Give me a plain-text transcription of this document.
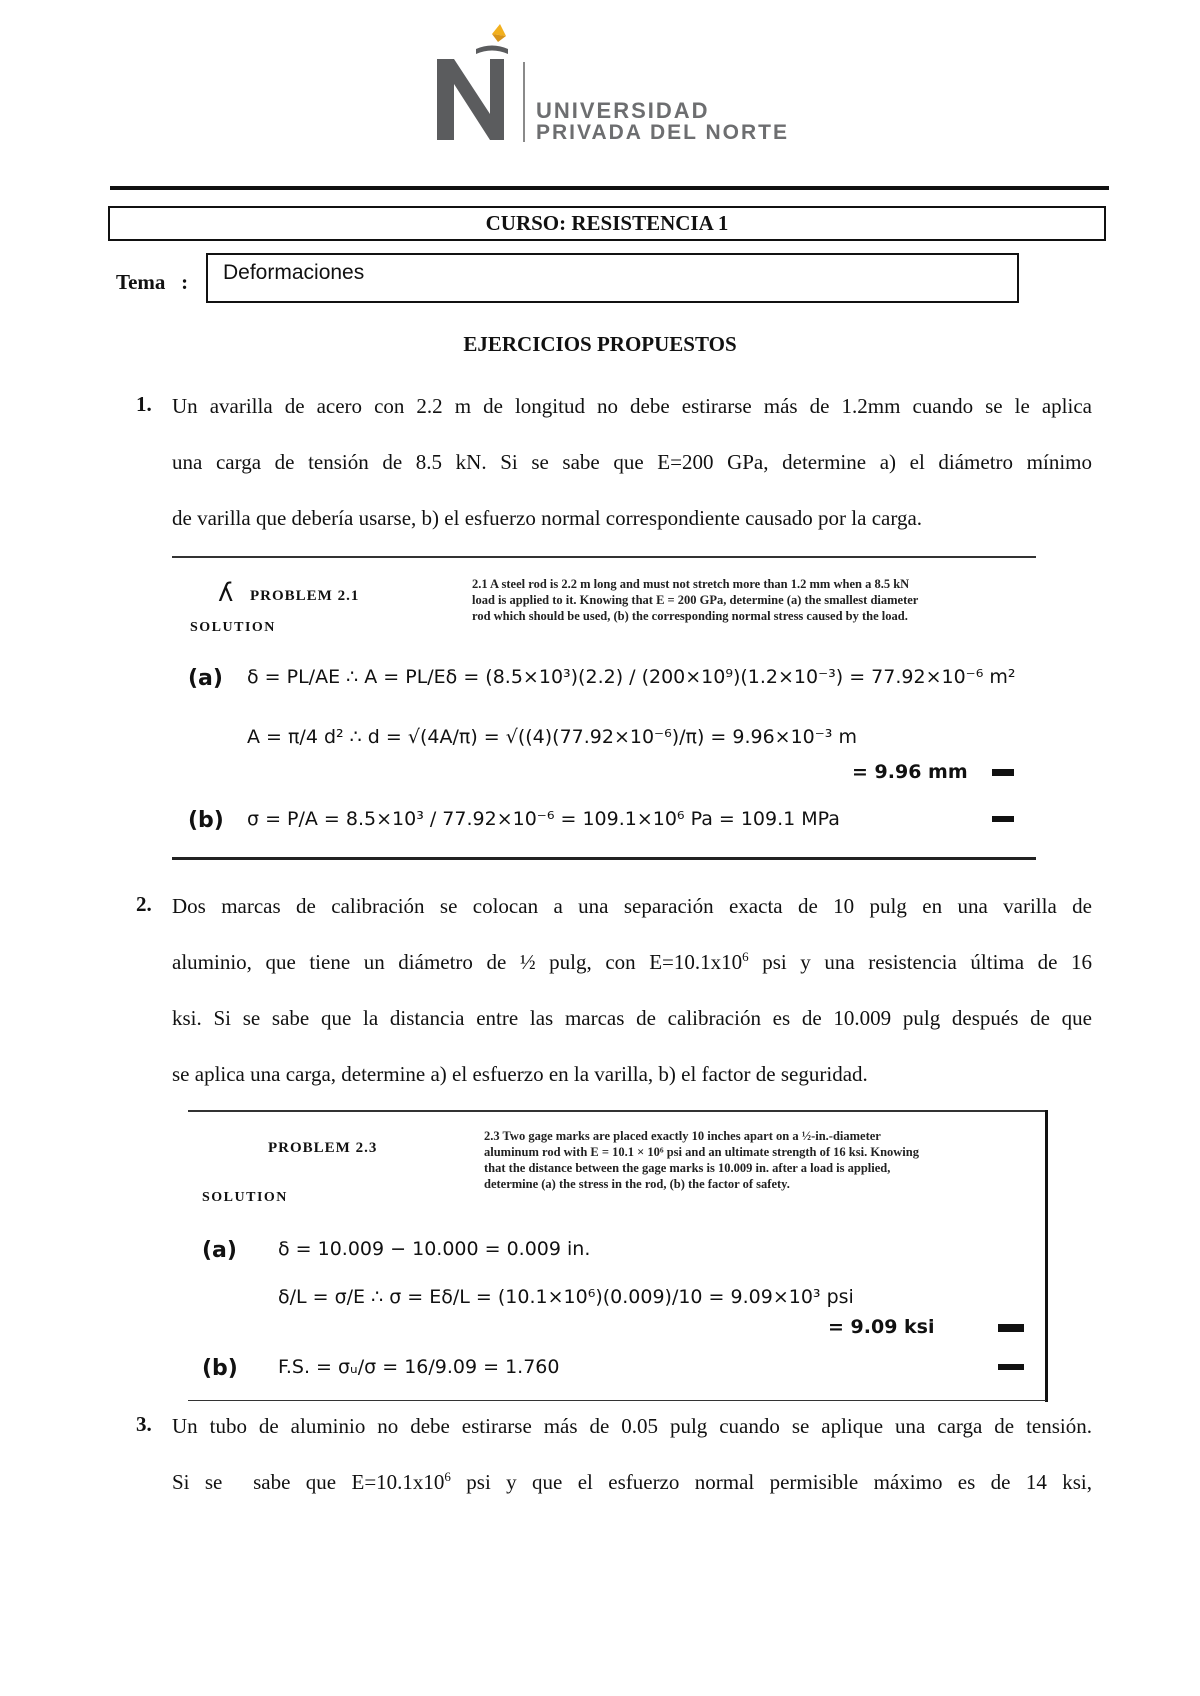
UNIVERSIDAD
PRIVADA DEL NORTE
CURSO: RESISTENCIA 1
Tema   :	Deformaciones
EJERCICIOS PROPUESTOS
1. Un avarilla de acero con 2.2 m de longitud no debe estirarse más de 1.2mm cuando se le aplica
una carga de tensión de 8.5 kN. Si se sabe que E=200 GPa, determine a) el diámetro mínimo
de varilla que debería usarse, b) el esfuerzo normal correspondiente causado por la carga.
ʎ PROBLEM 2.1
2.1 A steel rod is 2.2 m long and must not stretch more than 1.2 mm when a 8.5 kN
load is applied to it. Knowing that E = 200 GPa, determine (a) the smallest diameter
rod which should be used, (b) the corresponding normal stress caused by the load.
SOLUTION
(a) δ = PL/AE ∴ A = PL/Eδ = (8.5×10³)(2.2) / (200×10⁹)(1.2×10⁻³) = 77.92×10⁻⁶ m²
A = π/4 d² ∴ d = √(4A/π) = √((4)(77.92×10⁻⁶)/π) = 9.96×10⁻³ m
= 9.96 mm
(b) σ = P/A = 8.5×10³ / 77.92×10⁻⁶ = 109.1×10⁶ Pa = 109.1 MPa
2. Dos marcas de calibración se colocan a una separación exacta de 10 pulg en una varilla de
aluminio, que tiene un diámetro de ½ pulg, con $E=10.1x10^6$ psi y una resistencia última de 16
ksi. Si se sabe que la distancia entre las marcas de calibración es de 10.009 pulg después de que
se aplica una carga, determine a) el esfuerzo en la varilla, b) el factor de seguridad.
PROBLEM 2.3
2.3 Two gage marks are placed exactly 10 inches apart on a ½-in.-diameter
aluminum rod with E = 10.1 × 10⁶ psi and an ultimate strength of 16 ksi. Knowing
that the distance between the gage marks is 10.009 in. after a load is applied,
determine (a) the stress in the rod, (b) the factor of safety.
SOLUTION
(a) δ = 10.009 − 10.000 = 0.009 in.
δ/L = σ/E ∴ σ = Eδ/L = (10.1×10⁶)(0.009)/10 = 9.09×10³ psi
= 9.09 ksi
(b) F.S. = σᵤ/σ = 16/9.09 = 1.760
3. Un tubo de aluminio no debe estirarse más de 0.05 pulg cuando se aplique una carga de tensión.
Si se  sabe que $E=10.1x10^6$ psi y que el esfuerzo normal permisible máximo es de 14 ksi,
